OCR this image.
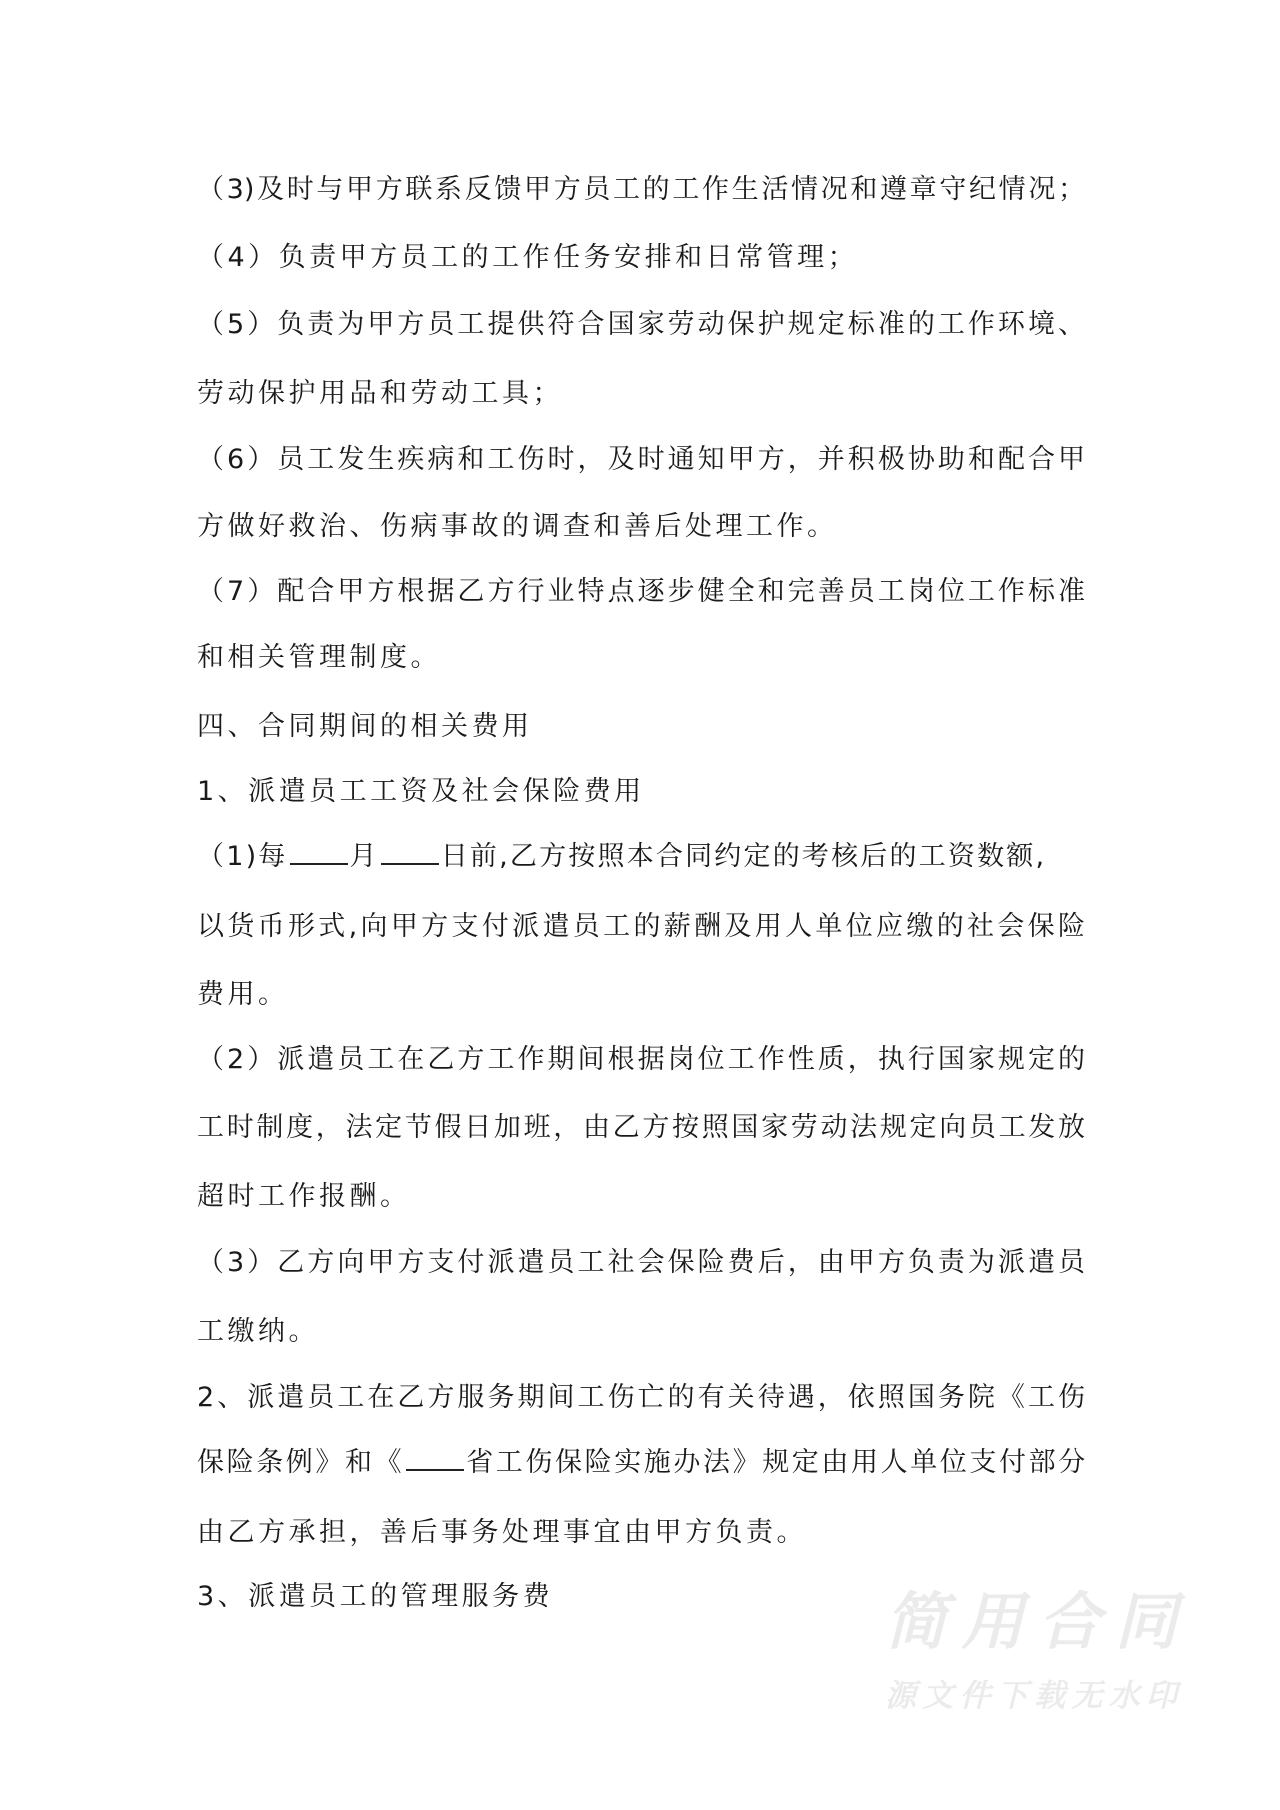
（3)及时与甲方联系反馈甲方员工的工作生活情况和遵章守纪情况；
（4）负责甲方员工的工作任务安排和日常管理；
（5）负责为甲方员工提供符合国家劳动保护规定标准的工作环境、
劳动保护用品和劳动工具；
（6）员工发生疾病和工伤时，及时通知甲方，并积极协助和配合甲
方做好救治、伤病事故的调查和善后处理工作。
（7）配合甲方根据乙方行业特点逐步健全和完善员工岗位工作标准
和相关管理制度。
四、合同期间的相关费用
1、派遣员工工资及社会保险费用
（1)每 月 日前,乙方按照本合同约定的考核后的工资数额,
以货币形式,向甲方支付派遣员工的薪酬及用人单位应缴的社会保险
费用。
（2）派遣员工在乙方工作期间根据岗位工作性质，执行国家规定的
工时制度，法定节假日加班，由乙方按照国家劳动法规定向员工发放
超时工作报酬。
（3）乙方向甲方支付派遣员工社会保险费后，由甲方负责为派遣员
工缴纳。
2、派遣员工在乙方服务期间工伤亡的有关待遇，依照国务院《工伤
保险条例》和《 省工伤保险实施办法》规定由用人单位支付部分
由乙方承担，善后事务处理事宜由甲方负责。
3、派遣员工的管理服务费	简用合同
源文件下载无水印
